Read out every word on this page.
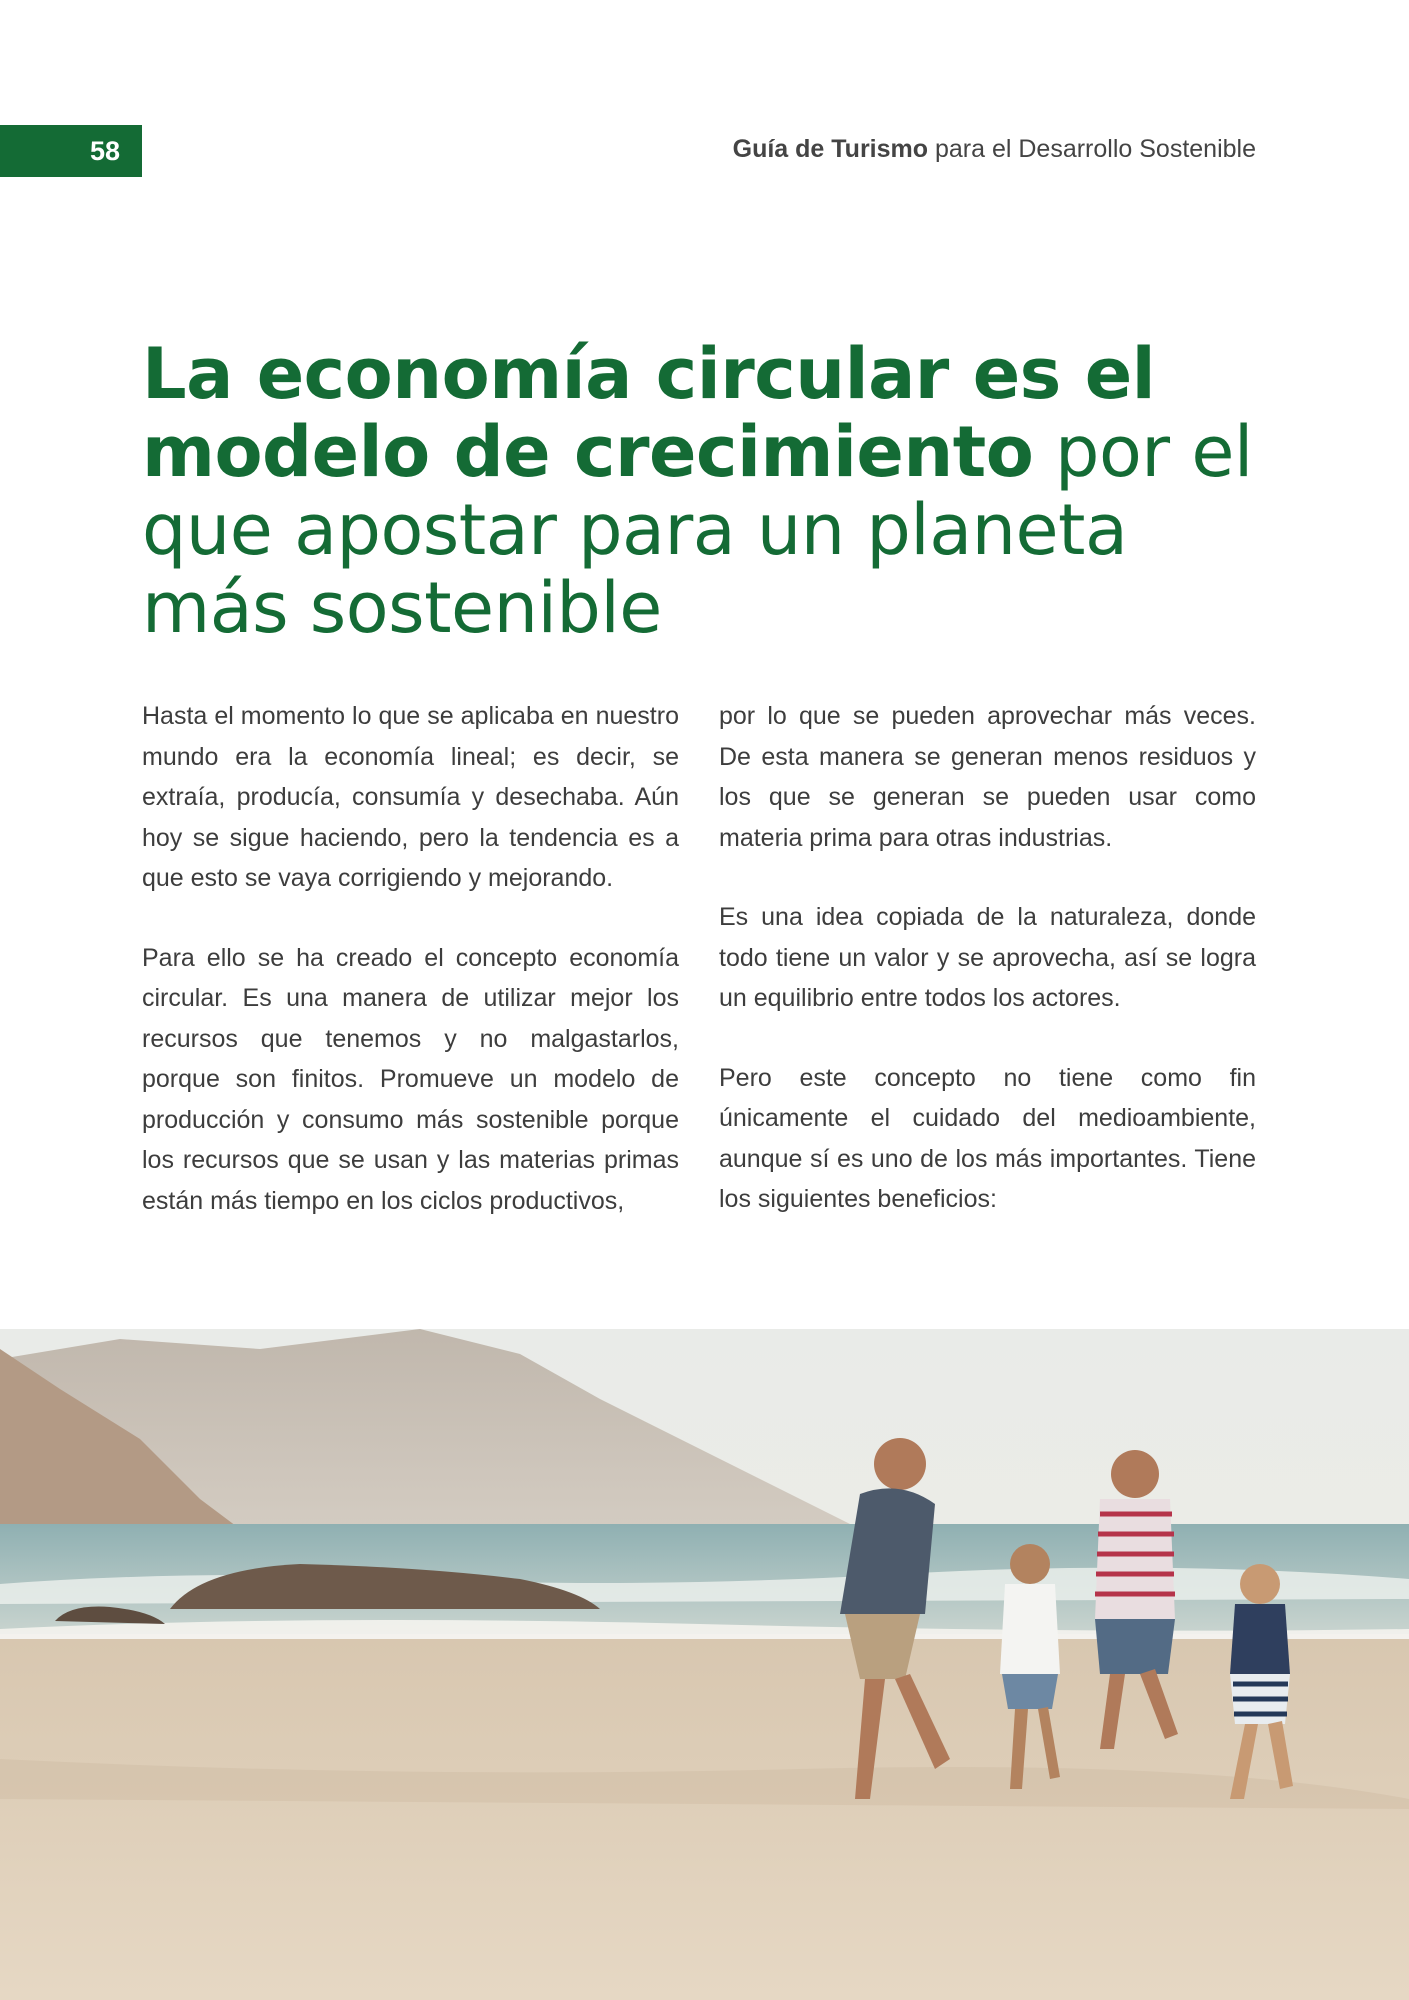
58	Guía de Turismo para el Desarrollo Sostenible
La economía circular es el
modelo de crecimiento por el
que apostar para un planeta
más sostenible

Hasta el momento lo que se aplicaba en nuestro mundo era la economía lineal; es decir, se extraía, producía, consumía y desechaba. Aún hoy se sigue haciendo, pero la tendencia es a que esto se vaya corrigiendo y mejorando.

Para ello se ha creado el concepto economía circular. Es una manera de utilizar mejor los recursos que tenemos y no malgastarlos, porque son finitos. Promueve un modelo de producción y consumo más sostenible porque los recursos que se usan y las materias primas están más tiempo en los ciclos productivos,

por lo que se pueden aprovechar más veces. De esta manera se generan menos residuos y los que se generan se pueden usar como materia prima para otras industrias.

Es una idea copiada de la naturaleza, donde todo tiene un valor y se aprovecha, así se logra un equilibrio entre todos los actores.

Pero este concepto no tiene como fin únicamente el cuidado del medioambiente, aunque sí es uno de los más importantes. Tiene los siguientes beneficios:
